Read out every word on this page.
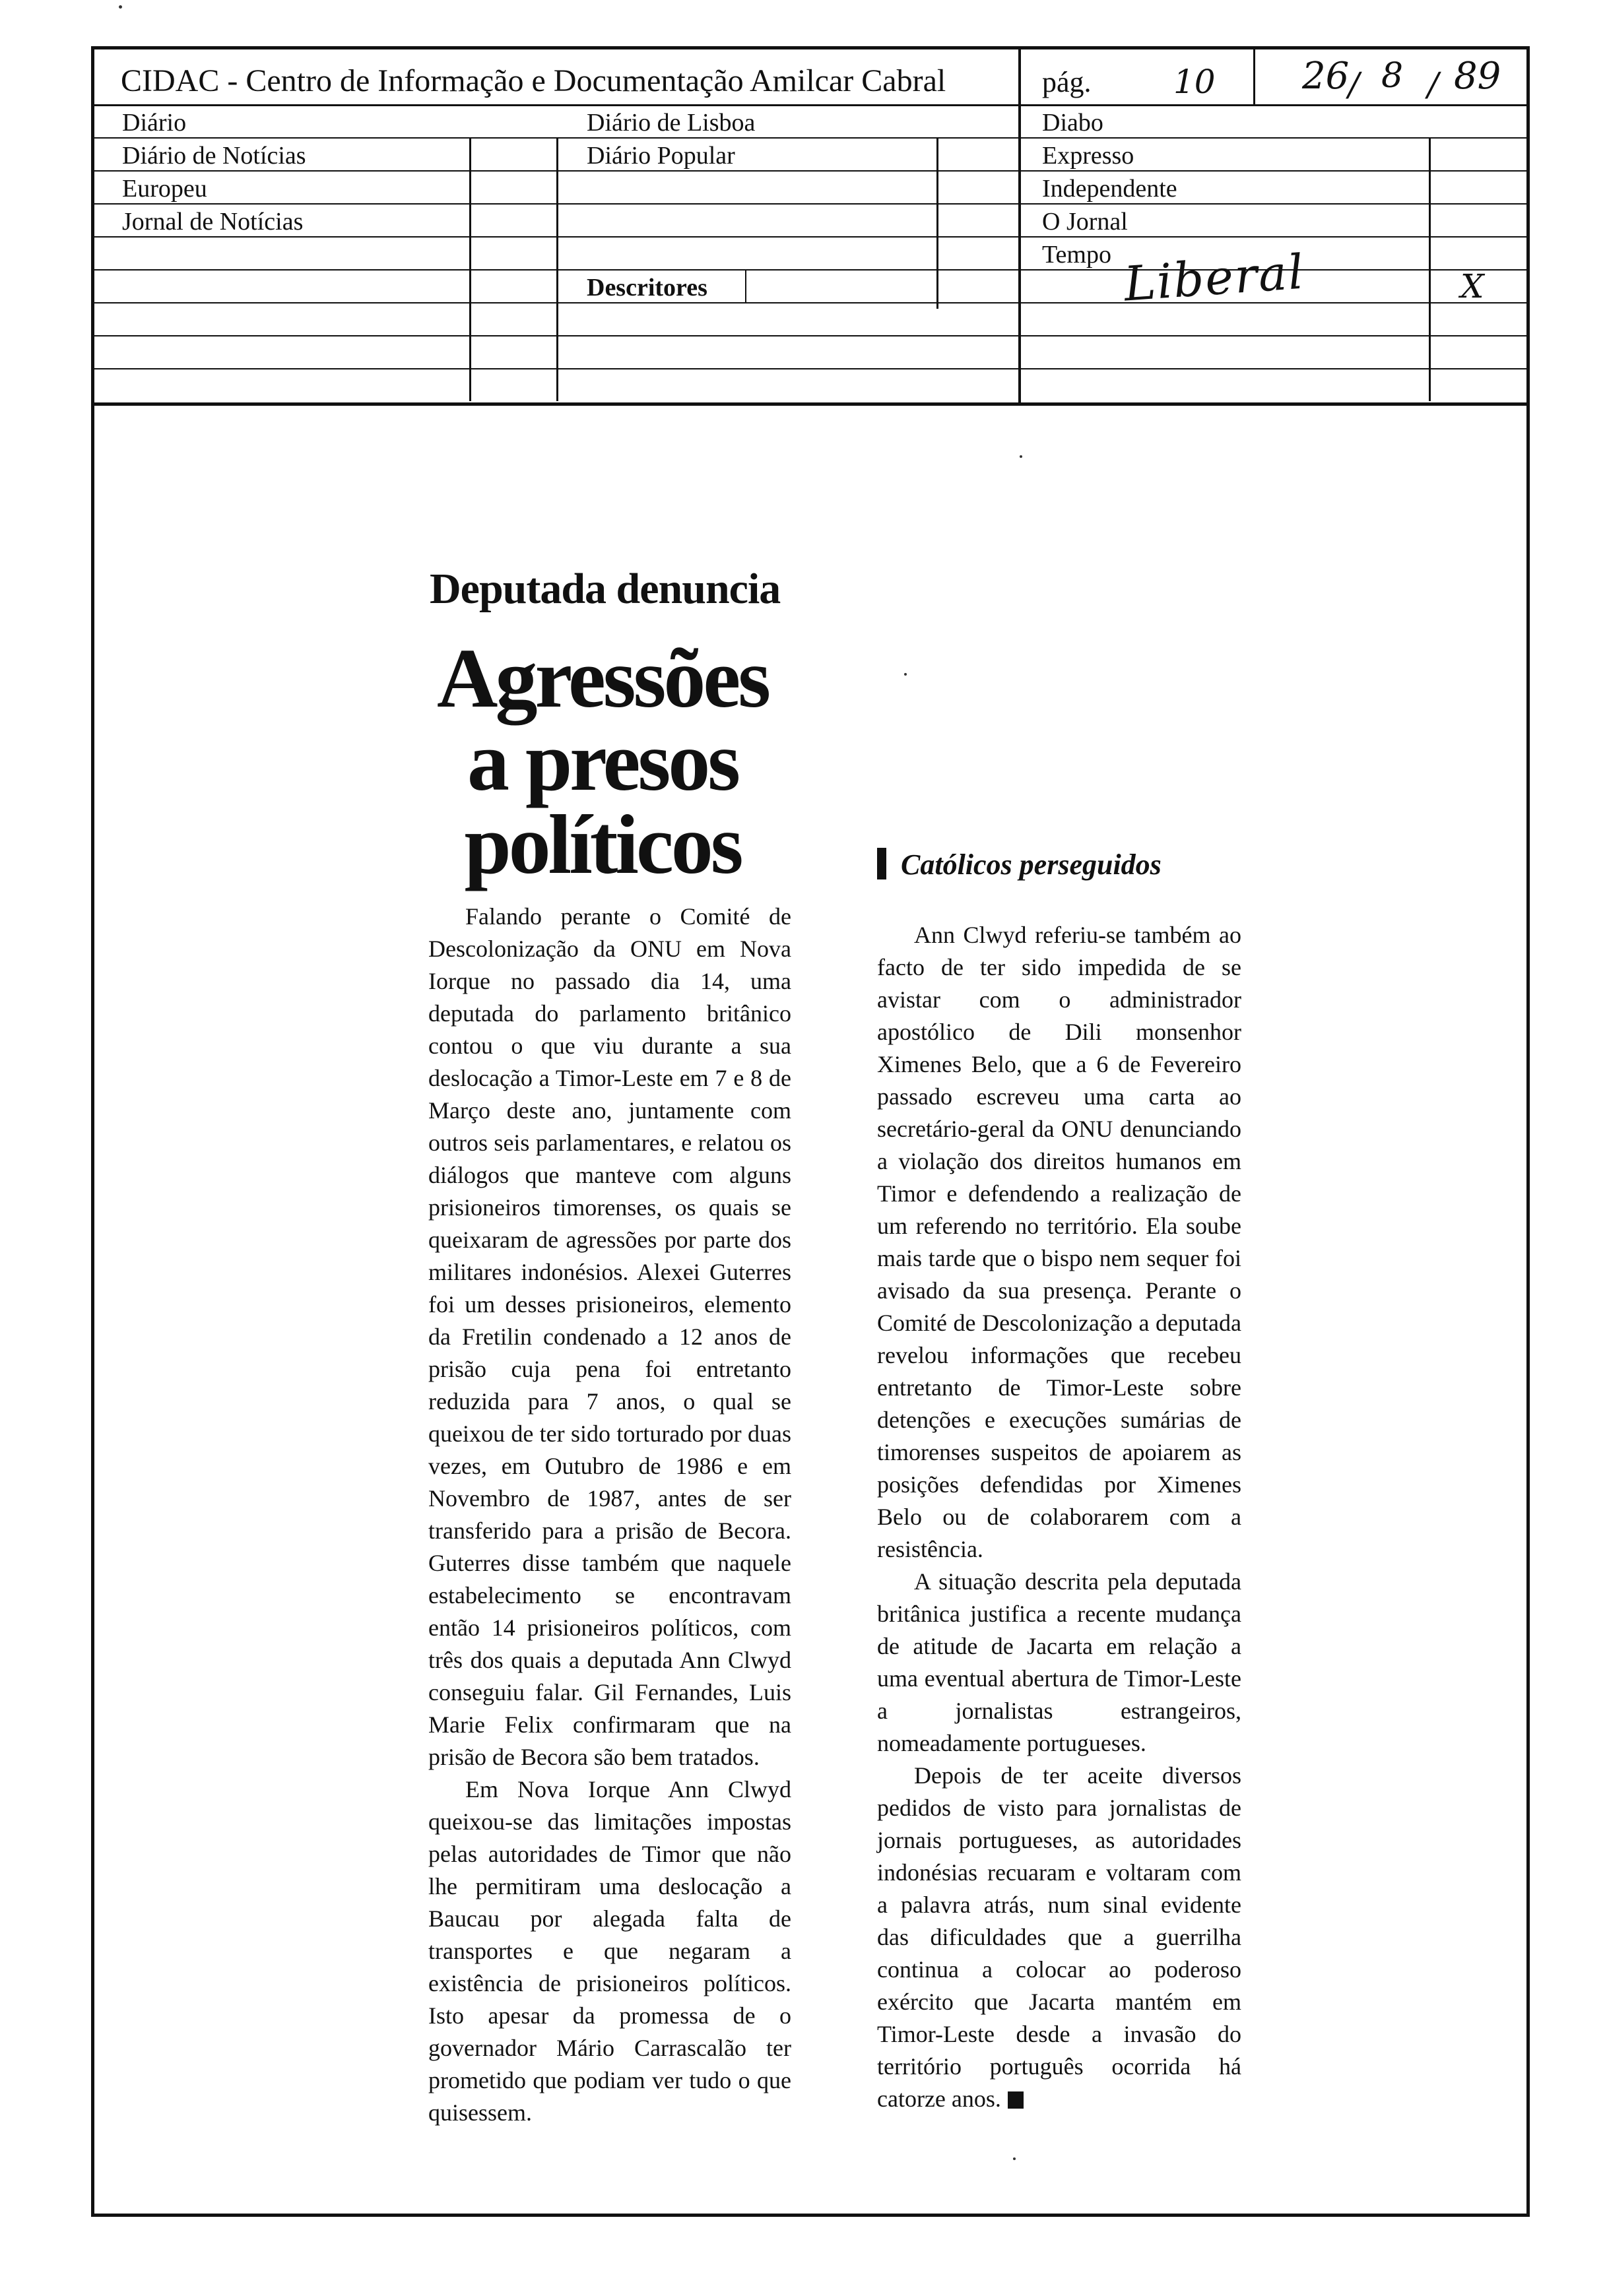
CIDAC - Centro de Informação e Documentação Amilcar Cabral	pág. 10 26
/ 8 / 89
Diário
Diário de Notícias
Europeu
Jornal de Notícias
Diário de Lisboa
Diário Popular
Descritores
Diabo
Expresso
Independente
O Jornal
Tempo Liberal	X
Deputada denuncia
Agressões
a presos
políticos

Falando perante o Comité de Descolonização da ONU em Nova Iorque no passado dia 14, uma deputada do parlamento britânico contou o que viu durante a sua deslocação a Timor-Leste em 7 e 8 de Março deste ano, juntamente com outros seis parlamentares, e relatou os diálogos que manteve com alguns prisioneiros timorenses, os quais se queixaram de agressões por parte dos militares indonésios. Alexei Guterres foi um desses prisioneiros, elemento da Fretilin condenado a 12 anos de prisão cuja pena foi entretanto reduzida para 7 anos, o qual se queixou de ter sido torturado por duas vezes, em Outubro de 1986 e em Novembro de 1987, antes de ser transferido para a prisão de Becora. Guterres disse também que naquele estabelecimento se encontravam então 14 prisioneiros políticos, com três dos quais a deputada Ann Clwyd conseguiu falar. Gil Fernandes, Luis Marie Felix confirmaram que na prisão de Becora são bem tratados.

Em Nova Iorque Ann Clwyd queixou-se das limitações impostas pelas autoridades de Timor que não lhe permitiram uma deslocação a Baucau por alegada falta de transportes e que negaram a existência de prisioneiros políticos. Isto apesar da promessa de o governador Mário Carrascalão ter prometido que podiam ver tudo o que quisessem.

Católicos perseguidos

Ann Clwyd referiu-se também ao facto de ter sido impedida de se avistar com o administrador apostólico de Dili monsenhor Ximenes Belo, que a 6 de Fevereiro passado escreveu uma carta ao secretário-geral da ONU denunciando a violação dos direitos humanos em Timor e defendendo a realização de um referendo no território. Ela soube mais tarde que o bispo nem sequer foi avisado da sua presença. Perante o Comité de Descolonização a deputada revelou informações que recebeu entretanto de Timor-Leste sobre detenções e execuções sumárias de timorenses suspeitos de apoiarem as posições defendidas por Ximenes Belo ou de colaborarem com a resistência.

A situação descrita pela deputada britânica justifica a recente mudança de atitude de Jacarta em relação a uma eventual abertura de Timor-Leste a jornalistas estrangeiros, nomeadamente portugueses.

Depois de ter aceite diversos pedidos de visto para jornalistas de jornais portugueses, as autoridades indonésias recuaram e voltaram com a palavra atrás, num sinal evidente das dificuldades que a guerrilha continua a colocar ao poderoso exército que Jacarta mantém em Timor-Leste desde a invasão do território português ocorrida há catorze anos.
